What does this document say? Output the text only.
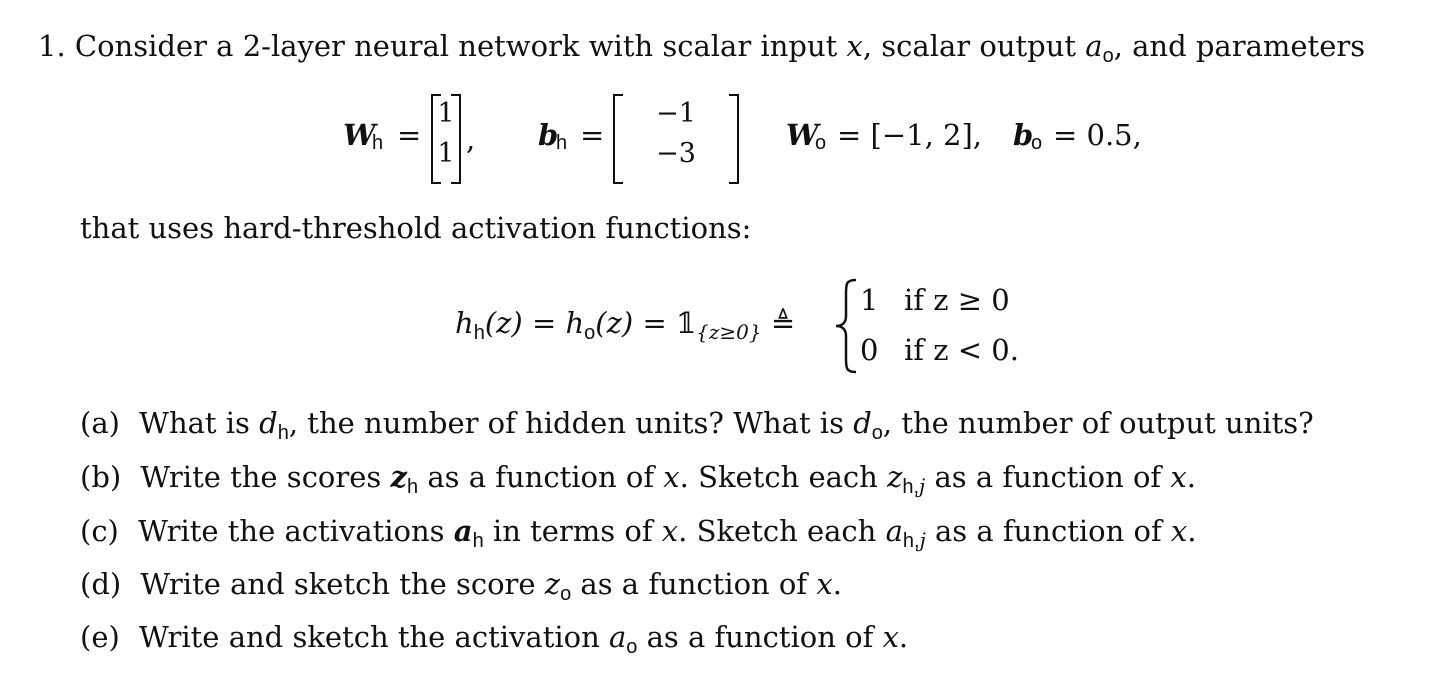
1. Consider a 2-layer neural network with scalar input x, scalar output $a_o$, and parameters
W
h =
1
1 , b
h =
−1
−3
W
o = [−1, 2], b
o = 0.5,
that uses hard-threshold activation functions:
$h_h(z) = h_o(z)$ = $𝟙_{\{z\ge 0\}}$ ≜
1 if z ≥ 0
0 if z < 0.
(a) What is $d_h$, the number of hidden units? What is $d_o$, the number of output units?
(b) Write the scores $z_h$ as a function of x. Sketch each $z_{h,j}$ as a function of x.
(c) Write the activations $a_h$ in terms of x. Sketch each $a_{h,j}$ as a function of x.
(d) Write and sketch the score $z_o$ as a function of x.
(e) Write and sketch the activation $a_o$ as a function of x.
